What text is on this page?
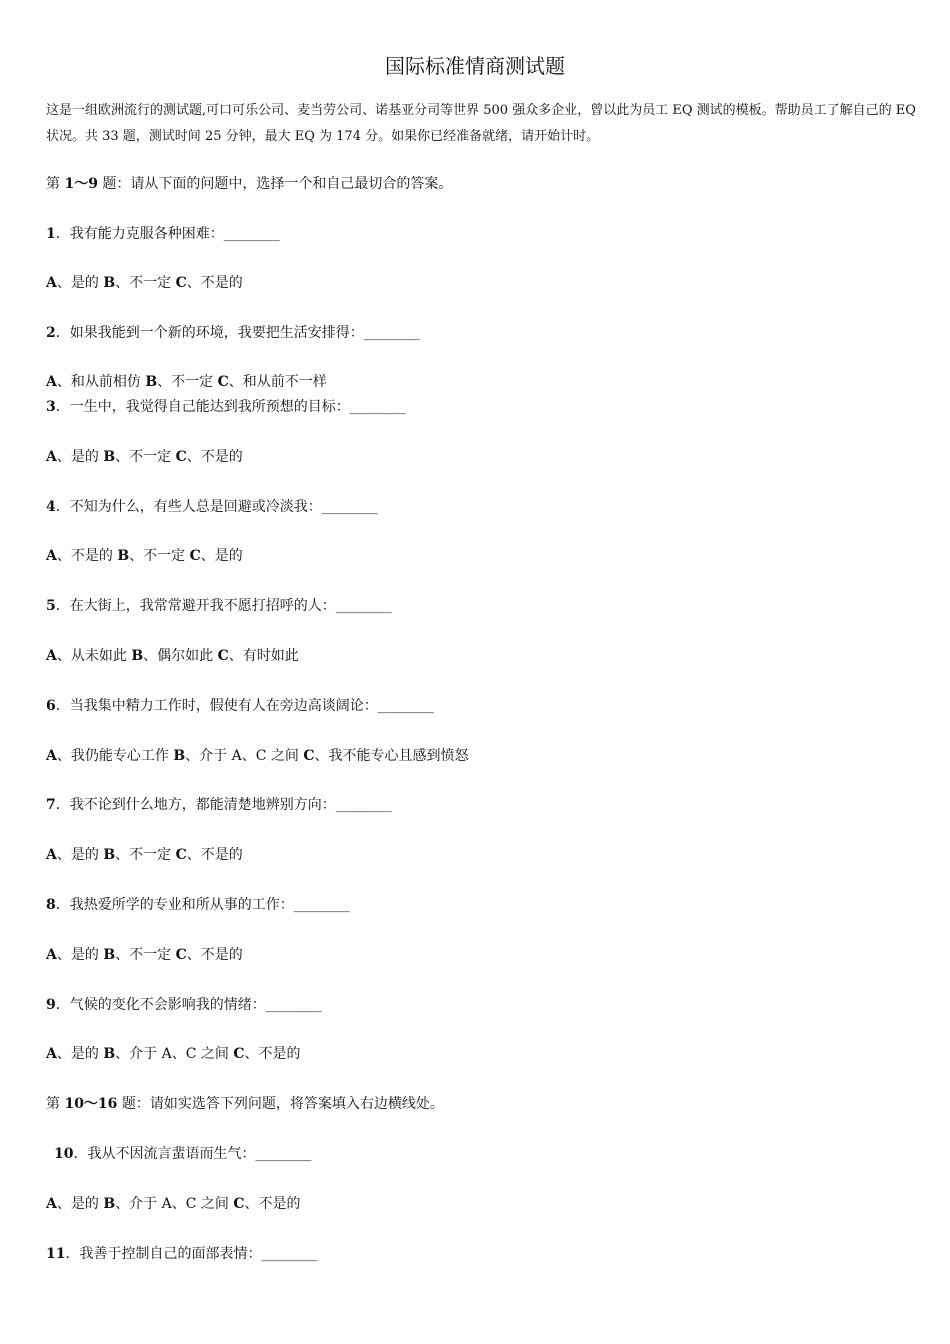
国际标准情商测试题
这是一组欧洲流行的测试题,可口可乐公司、麦当劳公司、诺基亚分司等世界 500 强众多企业，曾以此为员工 EQ 测试的模板。帮助员工了解自己的 EQ 状况。共 33 题，测试时间 25 分钟，最大 EQ 为 174 分。如果你已经准备就绪，请开始计时。
第 1～9 题：请从下面的问题中，选择一个和自己最切合的答案。
1．我有能力克服各种困难：________
A、是的 B、不一定 C、不是的
2．如果我能到一个新的环境，我要把生活安排得：________
A、和从前相仿 B、不一定 C、和从前不一样
3．一生中，我觉得自己能达到我所预想的目标：________
A、是的 B、不一定 C、不是的
4．不知为什么，有些人总是回避或冷淡我：________
A、不是的 B、不一定 C、是的
5．在大街上，我常常避开我不愿打招呼的人：________
A、从未如此 B、偶尔如此 C、有时如此
6．当我集中精力工作时，假使有人在旁边高谈阔论：________
A、我仍能专心工作 B、介于 A、C 之间 C、我不能专心且感到愤怒
7．我不论到什么地方，都能清楚地辨别方向：________
A、是的 B、不一定 C、不是的
8．我热爱所学的专业和所从事的工作：________
A、是的 B、不一定 C、不是的
9．气候的变化不会影响我的情绪：________
A、是的 B、介于 A、C 之间 C、不是的
第 10～16 题：请如实选答下列问题，将答案填入右边横线处。
10．我从不因流言蜚语而生气：________
A、是的 B、介于 A、C 之间 C、不是的
11．我善于控制自己的面部表情：________
